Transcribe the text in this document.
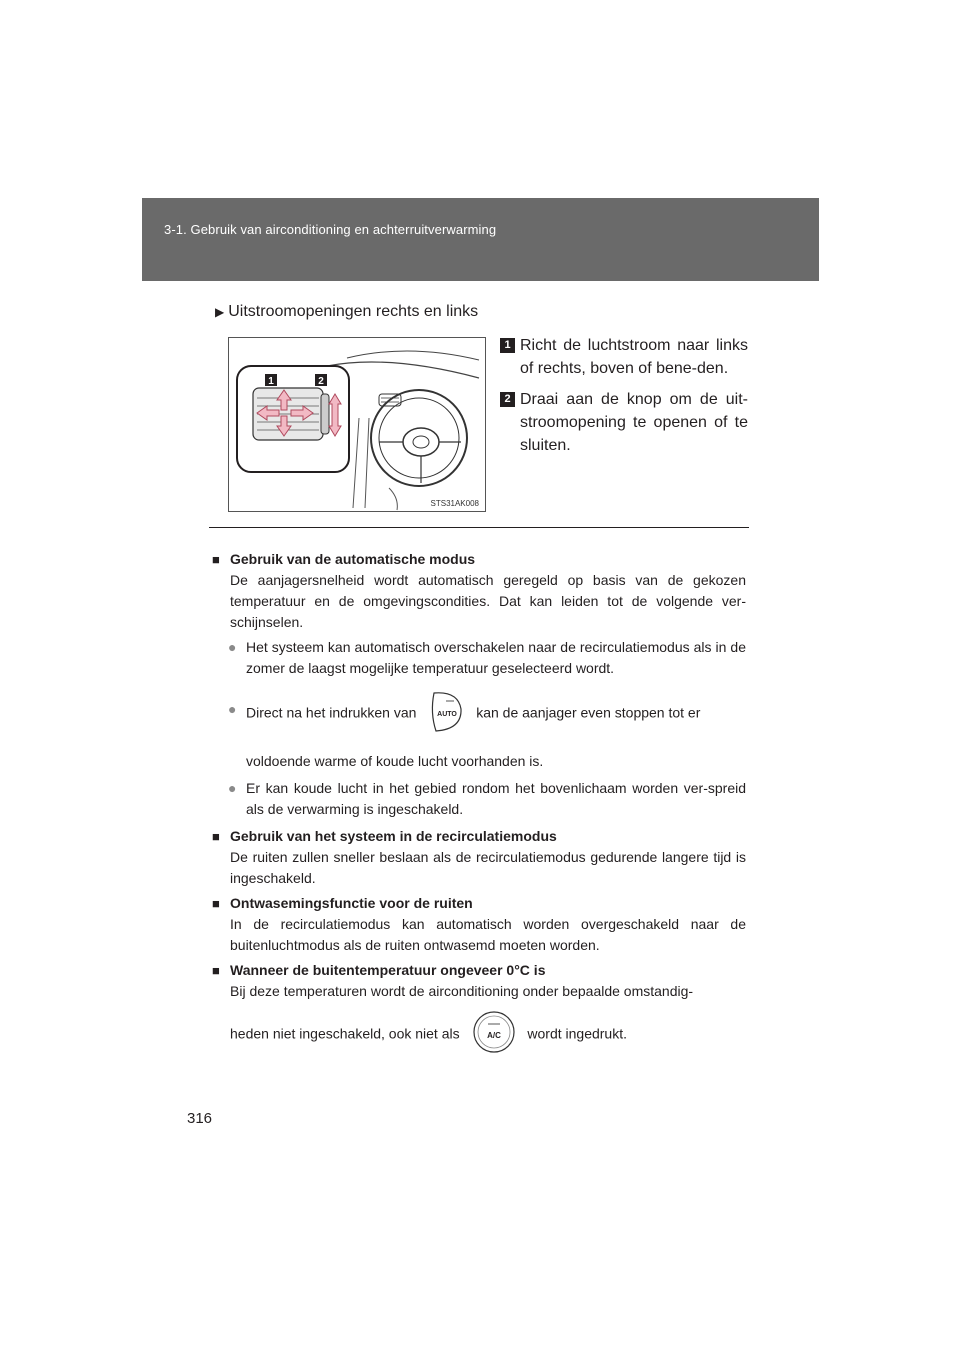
3-1. Gebruik van airconditioning en achterruitverwarming
▶ Uitstroomopeningen rechts en links
1	2
STS31AK008
1 Richt de luchtstroom naar links of rechts, boven of bene-den.
2 Draai aan de knop om de uit-stroomopening te openen of te sluiten.
■ Gebruik van de automatische modus
De aanjagersnelheid wordt automatisch geregeld op basis van de gekozen temperatuur en de omgevingscondities. Dat kan leiden tot de volgende ver-schijnselen.
● Het systeem kan automatisch overschakelen naar de recirculatiemodus als in de zomer de laagst mogelijke temperatuur geselecteerd wordt.
● Direct na het indrukken van	AUTO kan de aanjager even stoppen tot er
voldoende warme of koude lucht voorhanden is.
● Er kan koude lucht in het gebied rondom het bovenlichaam worden ver-spreid als de verwarming is ingeschakeld.
■ Gebruik van het systeem in de recirculatiemodus
De ruiten zullen sneller beslaan als de recirculatiemodus gedurende langere tijd is ingeschakeld.
■ Ontwasemingsfunctie voor de ruiten
In de recirculatiemodus kan automatisch worden overgeschakeld naar de buitenluchtmodus als de ruiten ontwasemd moeten worden.
■ Wanneer de buitentemperatuur ongeveer 0°C is
Bij deze temperaturen wordt de airconditioning onder bepaalde omstandig-
heden niet ingeschakeld, ook niet als	A/C wordt ingedrukt.
316
